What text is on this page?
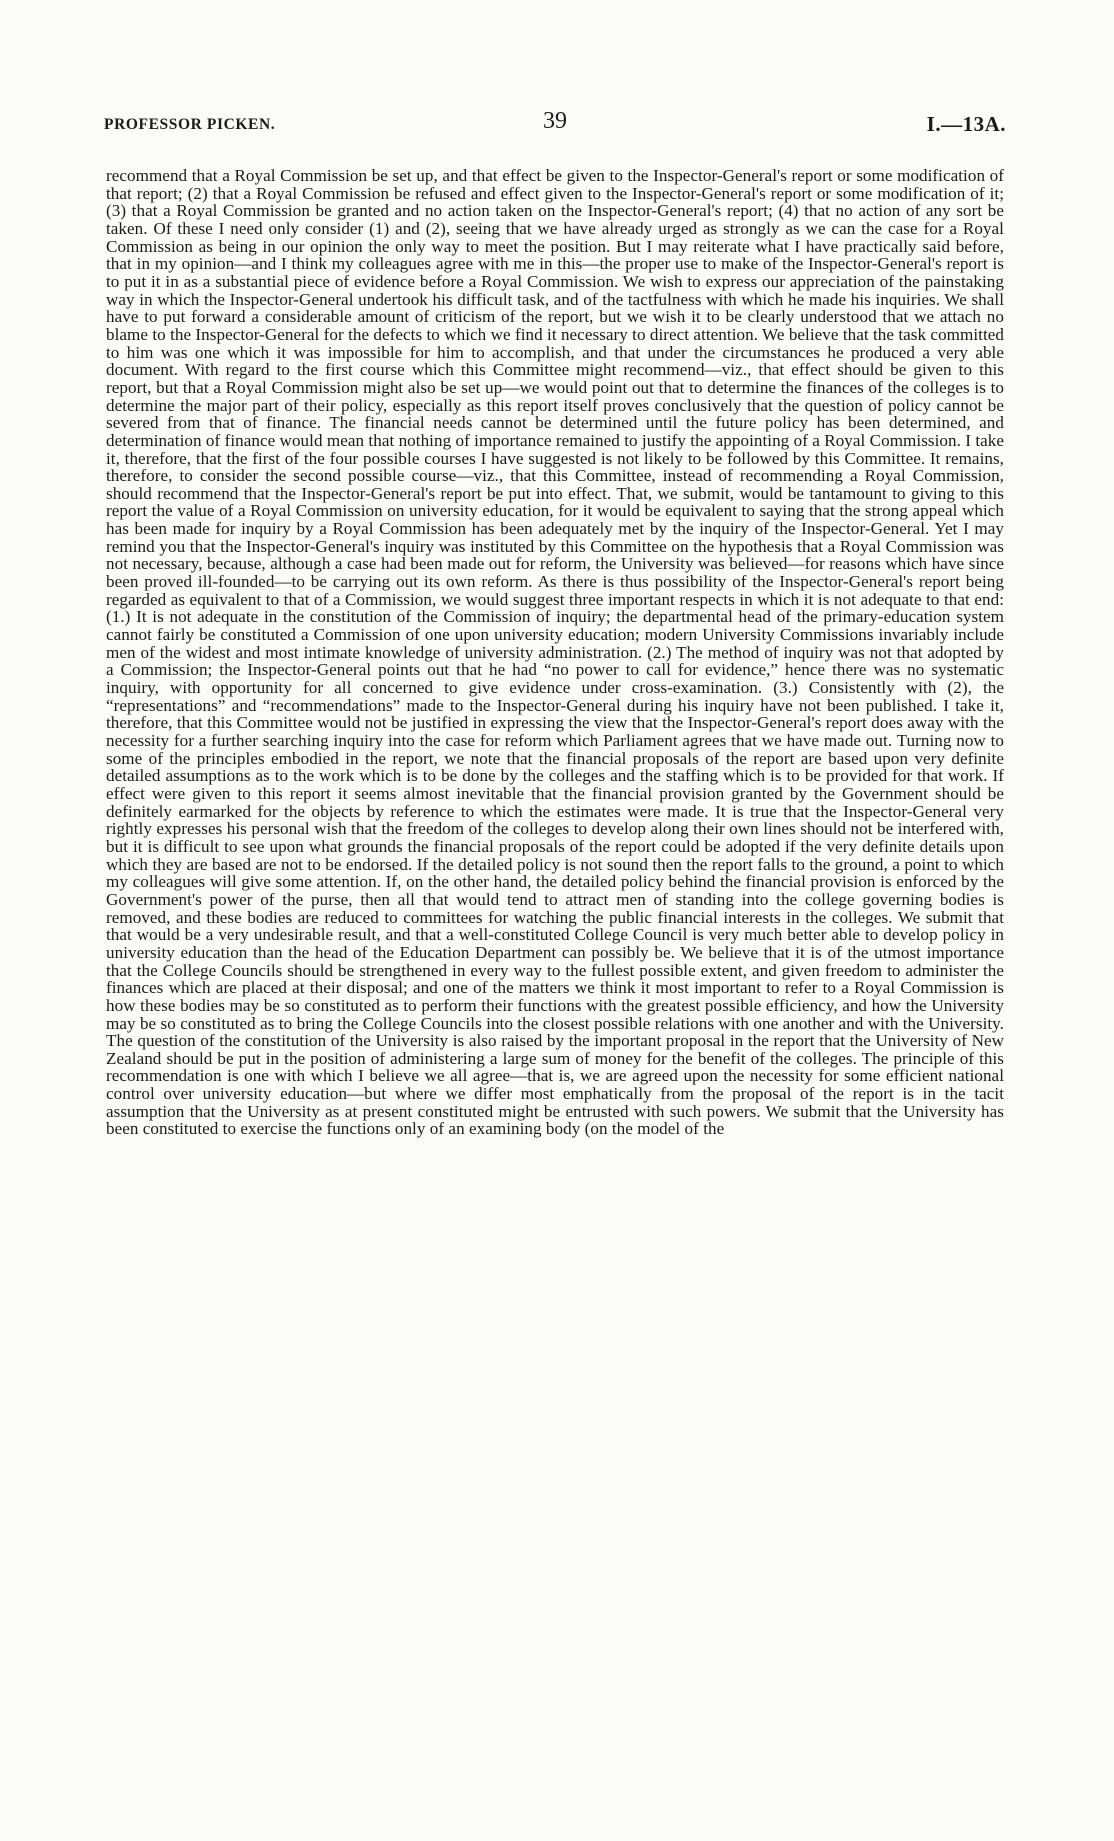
PROFESSOR PICKEN.	39	I.—13A.

recommend that a Royal Commission be set up, and that effect be given to the Inspector-General's report or some modification of that report; (2) that a Royal Commission be refused and effect given to the Inspector-General's report or some modification of it; (3) that a Royal Commission be granted and no action taken on the Inspector-General's report; (4) that no action of any sort be taken. Of these I need only consider (1) and (2), seeing that we have already urged as strongly as we can the case for a Royal Commission as being in our opinion the only way to meet the position. But I may reiterate what I have practically said before, that in my opinion—and I think my colleagues agree with me in this—the proper use to make of the Inspector-General's report is to put it in as a substantial piece of evidence before a Royal Commission. We wish to express our appreciation of the painstaking way in which the Inspector-General undertook his difficult task, and of the tactfulness with which he made his inquiries. We shall have to put forward a considerable amount of criticism of the report, but we wish it to be clearly understood that we attach no blame to the Inspector-General for the defects to which we find it necessary to direct attention. We believe that the task committed to him was one which it was impossible for him to accomplish, and that under the circumstances he produced a very able document. With regard to the first course which this Committee might recommend—viz., that effect should be given to this report, but that a Royal Commission might also be set up—we would point out that to determine the finances of the colleges is to determine the major part of their policy, especially as this report itself proves conclusively that the question of policy cannot be severed from that of finance. The financial needs cannot be determined until the future policy has been determined, and determination of finance would mean that nothing of importance remained to justify the appointing of a Royal Commission. I take it, therefore, that the first of the four possible courses I have suggested is not likely to be followed by this Committee. It remains, therefore, to consider the second possible course—viz., that this Committee, instead of recommending a Royal Commission, should recommend that the Inspector-General's report be put into effect. That, we submit, would be tantamount to giving to this report the value of a Royal Commission on university education, for it would be equivalent to saying that the strong appeal which has been made for inquiry by a Royal Commission has been adequately met by the inquiry of the Inspector-General. Yet I may remind you that the Inspector-General's inquiry was instituted by this Committee on the hypothesis that a Royal Commission was not necessary, because, although a case had been made out for reform, the University was believed—for reasons which have since been proved ill-founded—to be carrying out its own reform. As there is thus possibility of the Inspector-General's report being regarded as equivalent to that of a Commission, we would suggest three important respects in which it is not adequate to that end: (1.) It is not adequate in the constitution of the Commission of inquiry; the departmental head of the primary-education system cannot fairly be constituted a Commission of one upon university education; modern University Commissions invariably include men of the widest and most intimate knowledge of university administration. (2.) The method of inquiry was not that adopted by a Commission; the Inspector-General points out that he had “no power to call for evidence,” hence there was no systematic inquiry, with opportunity for all concerned to give evidence under cross-examination. (3.) Consistently with (2), the “representations” and “recommendations” made to the Inspector-General during his inquiry have not been published. I take it, therefore, that this Committee would not be justified in expressing the view that the Inspector-General's report does away with the necessity for a further searching inquiry into the case for reform which Parliament agrees that we have made out. Turning now to some of the principles embodied in the report, we note that the financial proposals of the report are based upon very definite detailed assumptions as to the work which is to be done by the colleges and the staffing which is to be provided for that work. If effect were given to this report it seems almost inevitable that the financial provision granted by the Government should be definitely earmarked for the objects by reference to which the estimates were made. It is true that the Inspector-General very rightly expresses his personal wish that the freedom of the colleges to develop along their own lines should not be interfered with, but it is difficult to see upon what grounds the financial proposals of the report could be adopted if the very definite details upon which they are based are not to be endorsed. If the detailed policy is not sound then the report falls to the ground, a point to which my colleagues will give some attention. If, on the other hand, the detailed policy behind the financial provision is enforced by the Government's power of the purse, then all that would tend to attract men of standing into the college governing bodies is removed, and these bodies are reduced to committees for watching the public financial interests in the colleges. We submit that that would be a very undesirable result, and that a well-constituted College Council is very much better able to develop policy in university education than the head of the Education Department can possibly be. We believe that it is of the utmost importance that the College Councils should be strengthened in every way to the fullest possible extent, and given freedom to administer the finances which are placed at their disposal; and one of the matters we think it most important to refer to a Royal Commission is how these bodies may be so constituted as to perform their functions with the greatest possible efficiency, and how the University may be so constituted as to bring the College Councils into the closest possible relations with one another and with the University. The question of the constitution of the University is also raised by the important proposal in the report that the University of New Zealand should be put in the position of administering a large sum of money for the benefit of the colleges. The principle of this recommendation is one with which I believe we all agree—that is, we are agreed upon the necessity for some efficient national control over university education—but where we differ most emphatically from the proposal of the report is in the tacit assumption that the University as at present constituted might be entrusted with such powers. We submit that the University has been constituted to exercise the functions only of an examining body (on the model of the
